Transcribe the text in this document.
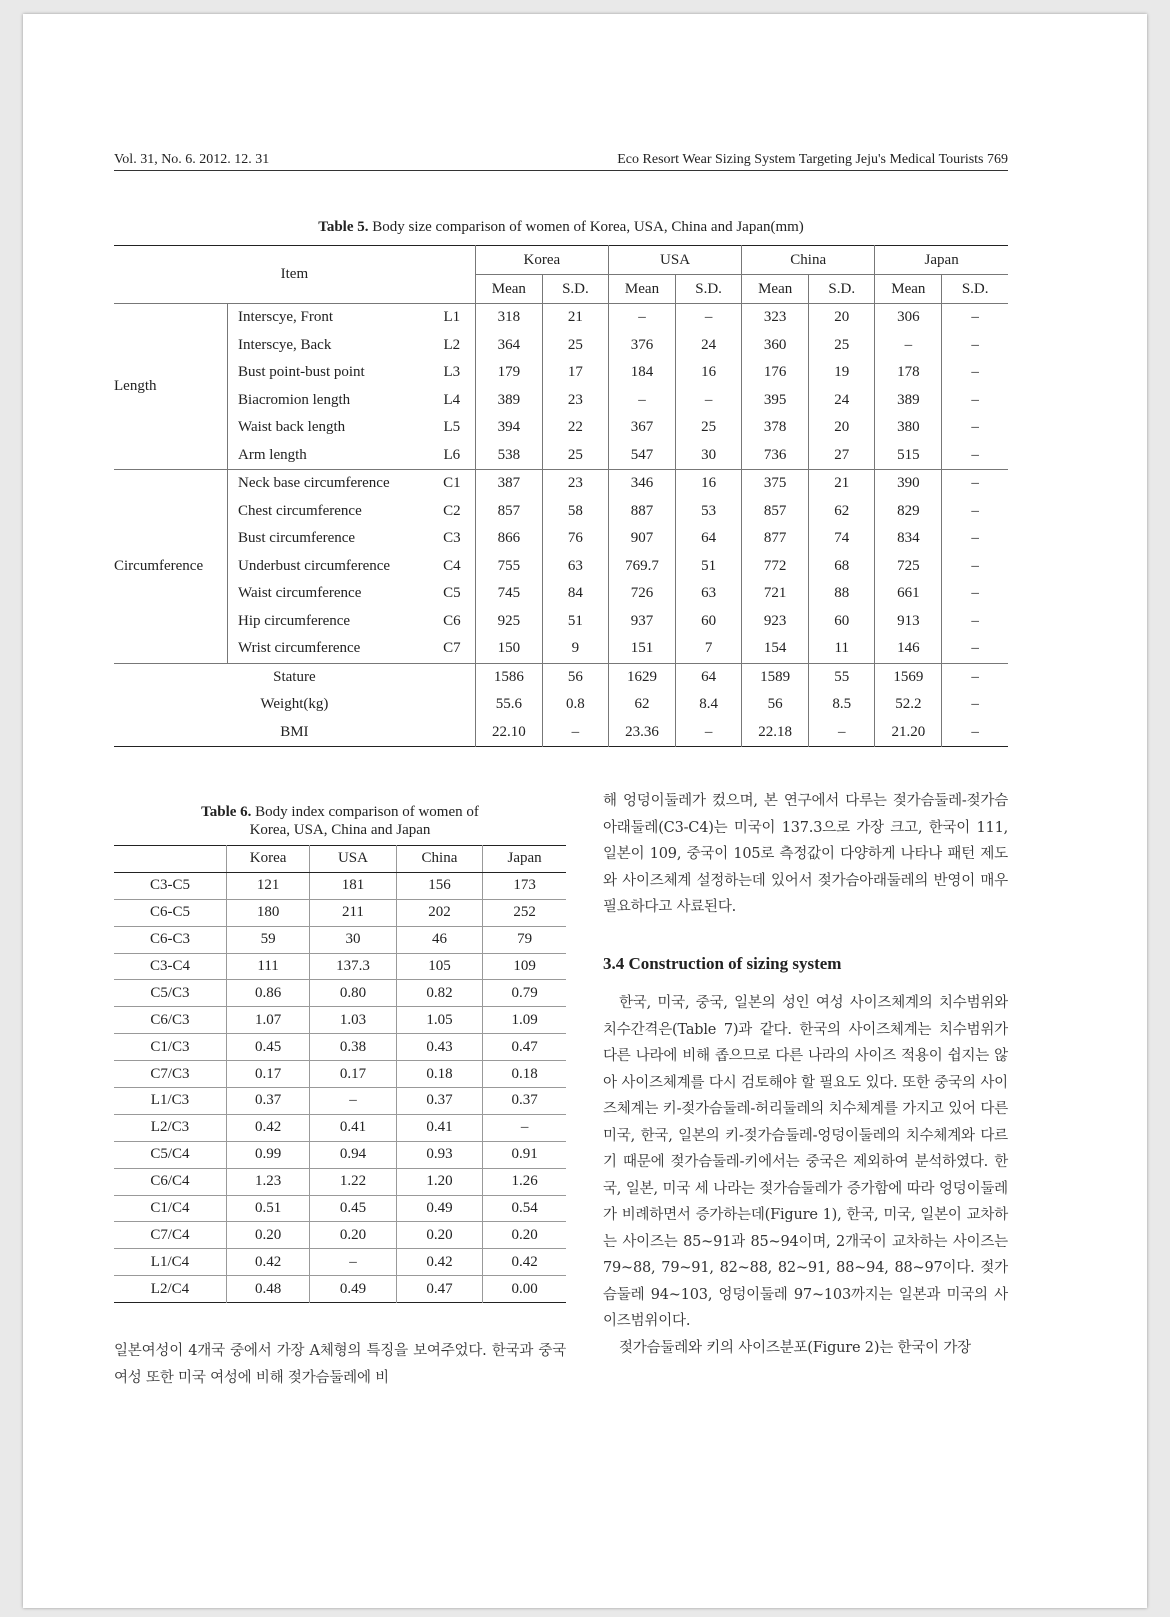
Vol. 31, No. 6. 2012. 12. 31	Eco Resort Wear Sizing System Targeting Jeju's Medical Tourists 769
Table 5. Body size comparison of women of Korea, USA, China and Japan(mm)
Item			Korea		USA		China		Japan	
			Mean	S.D.	Mean	S.D.	Mean	S.D.	Mean	S.D.
Length	Interscye, Front	L1	318	21	–	–	323	20	306	–
	Interscye, Back	L2	364	25	376	24	360	25	–	–
	Bust point-bust point	L3	179	17	184	16	176	19	178	–
	Biacromion length	L4	389	23	–	–	395	24	389	–
	Waist back length	L5	394	22	367	25	378	20	380	–
	Arm length	L6	538	25	547	30	736	27	515	–
Circumference	Neck base circumference	C1	387	23	346	16	375	21	390	–
	Chest circumference	C2	857	58	887	53	857	62	829	–
	Bust circumference	C3	866	76	907	64	877	74	834	–
	Underbust circumference	C4	755	63	769.7	51	772	68	725	–
	Waist circumference	C5	745	84	726	63	721	88	661	–
	Hip circumference	C6	925	51	937	60	923	60	913	–
	Wrist circumference	C7	150	9	151	7	154	11	146	–
Stature			1586	56	1629	64	1589	55	1569	–
Weight(kg)			55.6	0.8	62	8.4	56	8.5	52.2	–
BMI			22.10	–	23.36	–	22.18	–	21.20	–
Table 6. Body index comparison of women of
Korea, USA, China and Japan
	Korea	USA	China	Japan
C3-C5	121	181	156	173
C6-C5	180	211	202	252
C6-C3	59	30	46	79
C3-C4	111	137.3	105	109
C5/C3	0.86	0.80	0.82	0.79
C6/C3	1.07	1.03	1.05	1.09
C1/C3	0.45	0.38	0.43	0.47
C7/C3	0.17	0.17	0.18	0.18
L1/C3	0.37	–	0.37	0.37
L2/C3	0.42	0.41	0.41	–
C5/C4	0.99	0.94	0.93	0.91
C6/C4	1.23	1.22	1.20	1.26
C1/C4	0.51	0.45	0.49	0.54
C7/C4	0.20	0.20	0.20	0.20
L1/C4	0.42	–	0.42	0.42
L2/C4	0.48	0.49	0.47	0.00

해 엉덩이둘레가 컸으며, 본 연구에서 다루는 젖가슴둘레-젖가슴아래둘레(C3-C4)는 미국이 137.3으로 가장 크고, 한국이 111, 일본이 109, 중국이 105로 측정값이 다양하게 나타나 패턴 제도와 사이즈체계 설정하는데 있어서 젖가슴아래둘레의 반영이 매우 필요하다고 사료된다.

3.4 Construction of sizing system

한국, 미국, 중국, 일본의 성인 여성 사이즈체계의 치수범위와 치수간격은(Table 7)과 같다. 한국의 사이즈체계는 치수범위가 다른 나라에 비해 좁으므로 다른 나라의 사이즈 적용이 쉽지는 않아 사이즈체계를 다시 검토해야 할 필요도 있다. 또한 중국의 사이즈체계는 키-젖가슴둘레-허리둘레의 치수체계를 가지고 있어 다른 미국, 한국, 일본의 키-젖가슴둘레-엉덩이둘레의 치수체계와 다르기 때문에 젖가슴둘레-키에서는 중국은 제외하여 분석하였다. 한국, 일본, 미국 세 나라는 젖가슴둘레가 증가함에 따라 엉덩이둘레가 비례하면서 증가하는데(Figure 1), 한국, 미국, 일본이 교차하는 사이즈는 85~91과 85~94이며, 2개국이 교차하는 사이즈는 79~88, 79~91, 82~88, 82~91, 88~94, 88~97이다. 젖가슴둘레 94~103, 엉덩이둘레 97~103까지는 일본과 미국의 사이즈범위이다.

젖가슴둘레와 키의 사이즈분포(Figure 2)는 한국이 가장

일본여성이 4개국 중에서 가장 A체형의 특징을 보여주었다. 한국과 중국 여성 또한 미국 여성에 비해 젖가슴둘레에 비
